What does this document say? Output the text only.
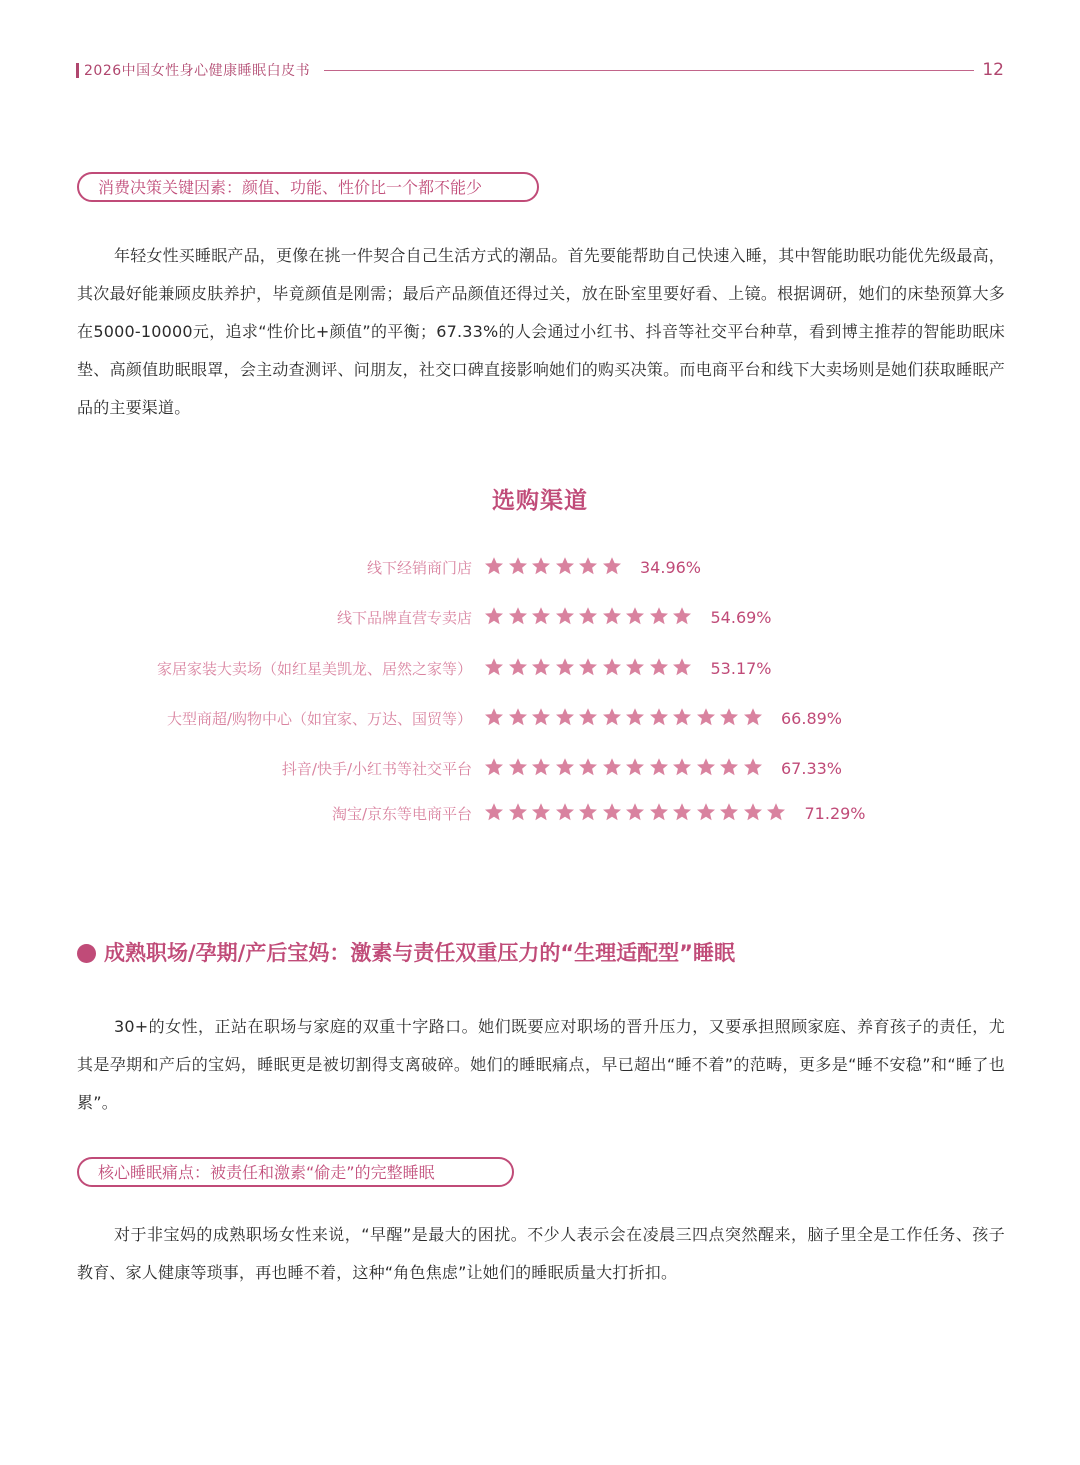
2026中国女性身心健康睡眠白皮书	12
消费决策关键因素：颜值、功能、性价比一个都不能少

年轻女性买睡眠产品，更像在挑一件契合自己生活方式的潮品。首先要能帮助自己快速入睡，其中智能助眠功能优先级最高，其次最好能兼顾皮肤养护，毕竟颜值是刚需；最后产品颜值还得过关，放在卧室里要好看、上镜。根据调研，她们的床垫预算大多在5000-10000元，追求“性价比+颜值”的平衡；67.33%的人会通过小红书、抖音等社交平台种草，看到博主推荐的智能助眠床垫、高颜值助眠眼罩，会主动查测评、问朋友，社交口碑直接影响她们的购买决策。而电商平台和线下大卖场则是她们获取睡眠产品的主要渠道。

选购渠道
线下经销商门店	34.96%
线下品牌直营专卖店	54.69%
家居家装大卖场（如红星美凯龙、居然之家等）	53.17%
大型商超/购物中心（如宜家、万达、国贸等）	66.89%
抖音/快手/小红书等社交平台	67.33%
淘宝/京东等电商平台	71.29%
成熟职场/孕期/产后宝妈：激素与责任双重压力的“生理适配型”睡眠

30+的女性，正站在职场与家庭的双重十字路口。她们既要应对职场的晋升压力，又要承担照顾家庭、养育孩子的责任，尤其是孕期和产后的宝妈，睡眠更是被切割得支离破碎。她们的睡眠痛点，早已超出“睡不着”的范畴，更多是“睡不安稳”和“睡了也累”。

核心睡眠痛点：被责任和激素“偷走”的完整睡眠

对于非宝妈的成熟职场女性来说，“早醒”是最大的困扰。不少人表示会在凌晨三四点突然醒来，脑子里全是工作任务、孩子教育、家人健康等琐事，再也睡不着，这种“角色焦虑”让她们的睡眠质量大打折扣。
